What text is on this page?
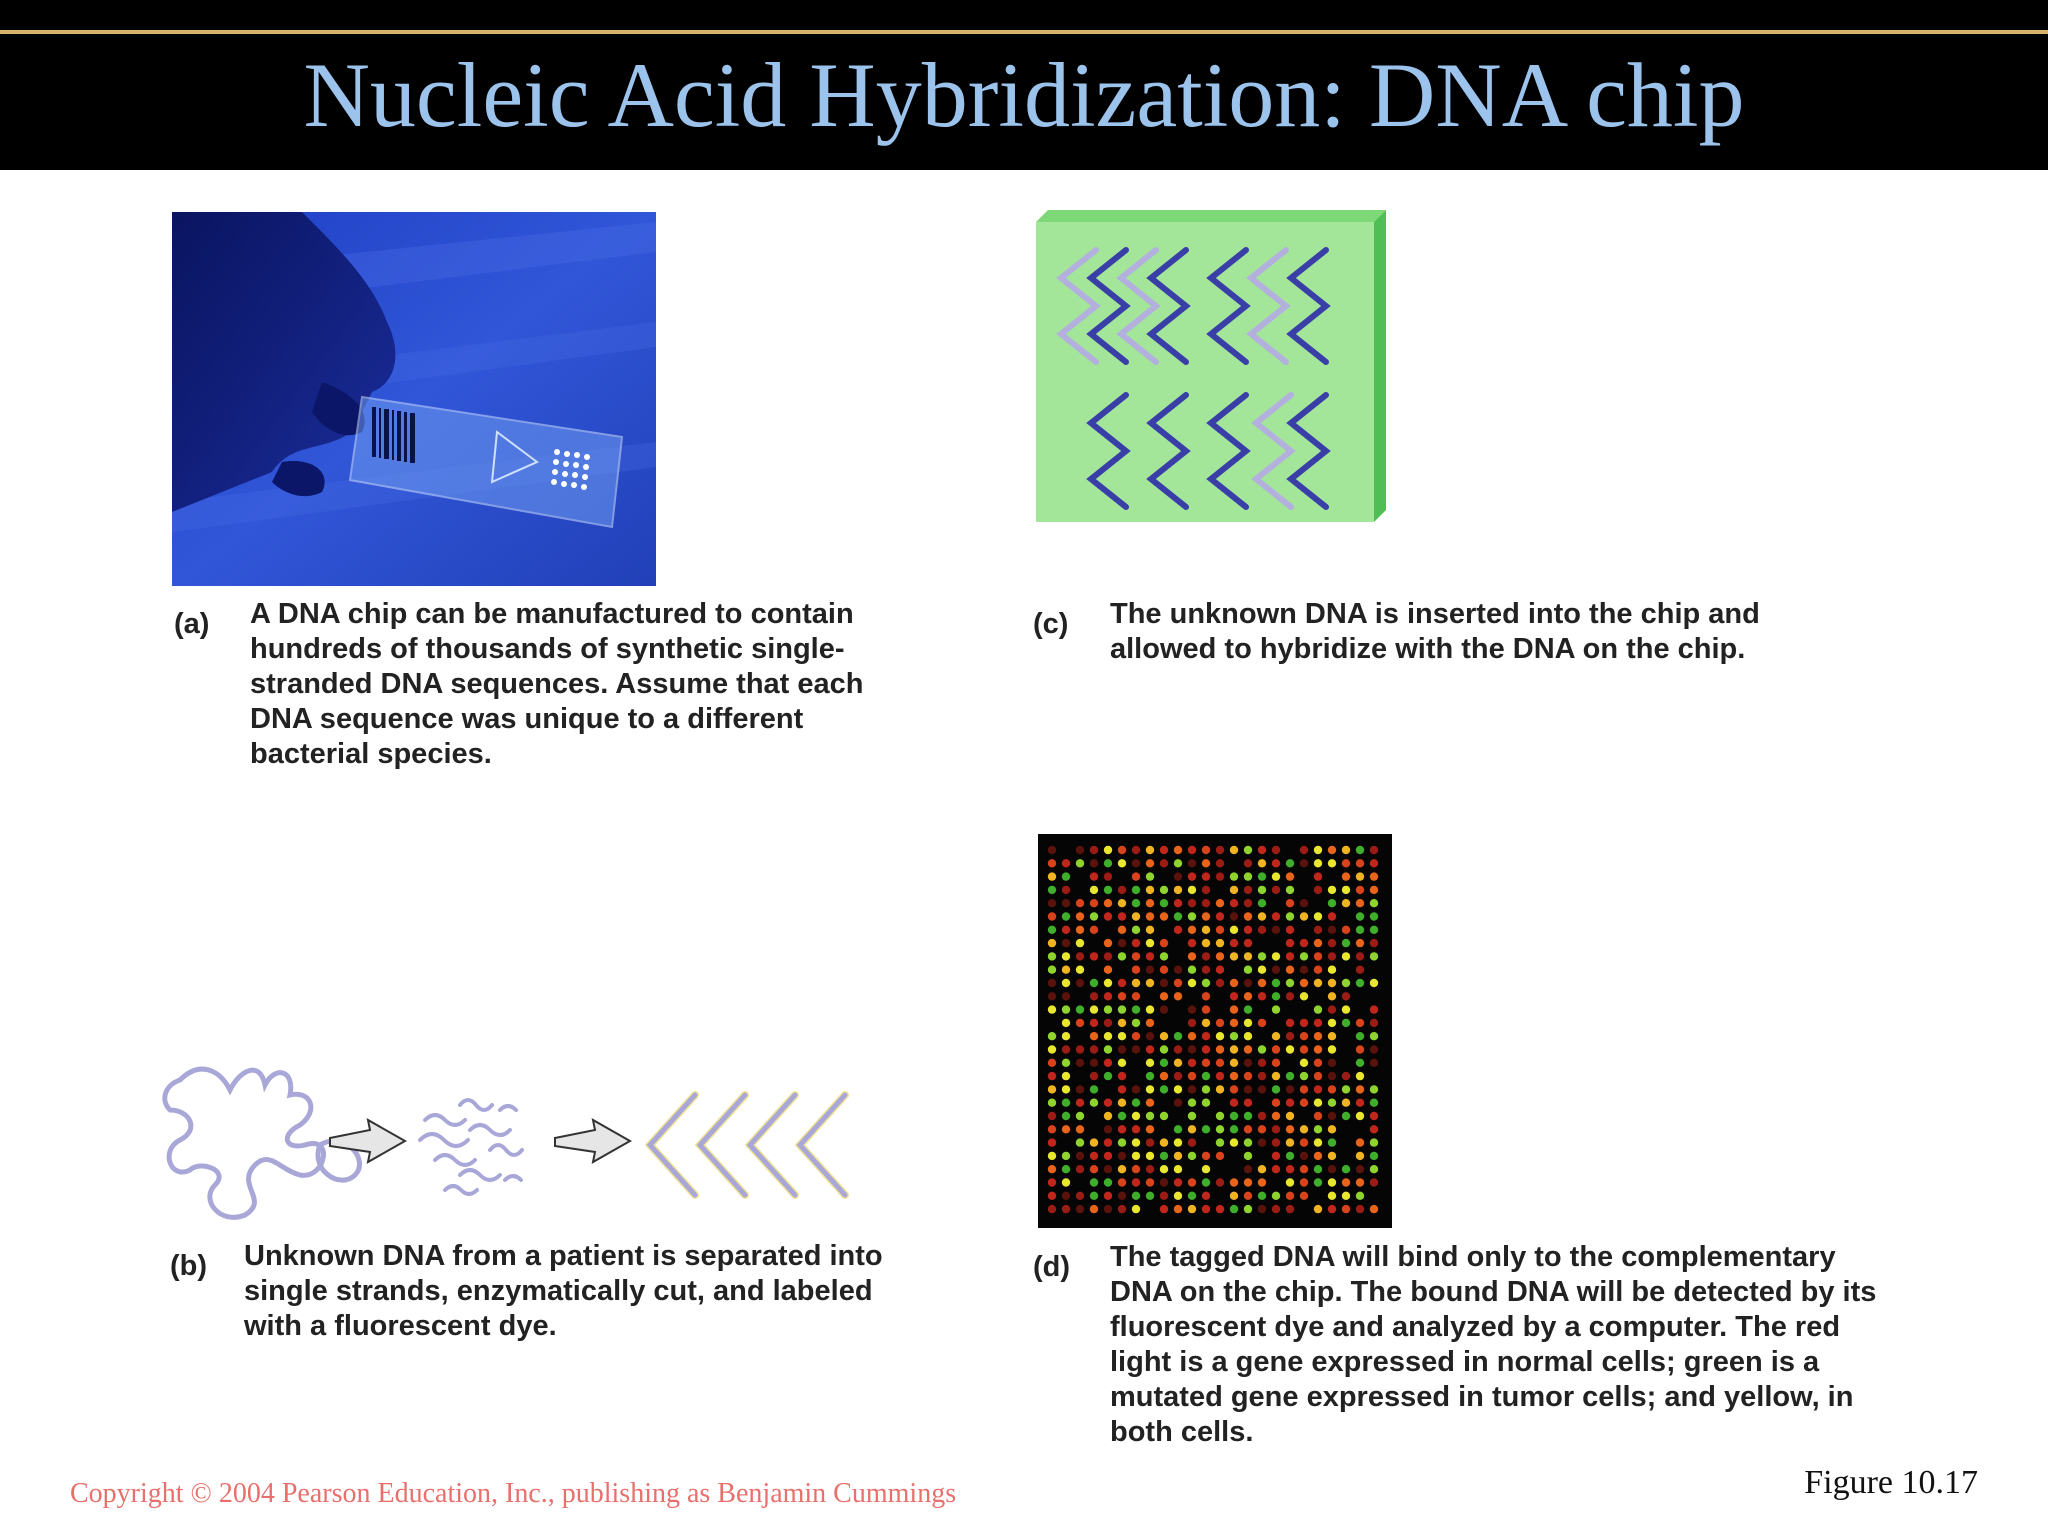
Nucleic Acid Hybridization: DNA chip
(a) A DNA chip can be manufactured to contain hundreds of thousands of synthetic single-stranded DNA sequences. Assume that each DNA sequence was unique to a different bacterial species.
(c) The unknown DNA is inserted into the chip and allowed to hybridize with the DNA on the chip.
(b) Unknown DNA from a patient is separated into single strands, enzymatically cut, and labeled with a fluorescent dye.
(d) The tagged DNA will bind only to the complementary DNA on the chip. The bound DNA will be detected by its fluorescent dye and analyzed by a computer. The red light is a gene expressed in normal cells; green is a mutated gene expressed in tumor cells; and yellow, in both cells.
Copyright © 2004 Pearson Education, Inc., publishing as Benjamin Cummings	Figure 10.17
